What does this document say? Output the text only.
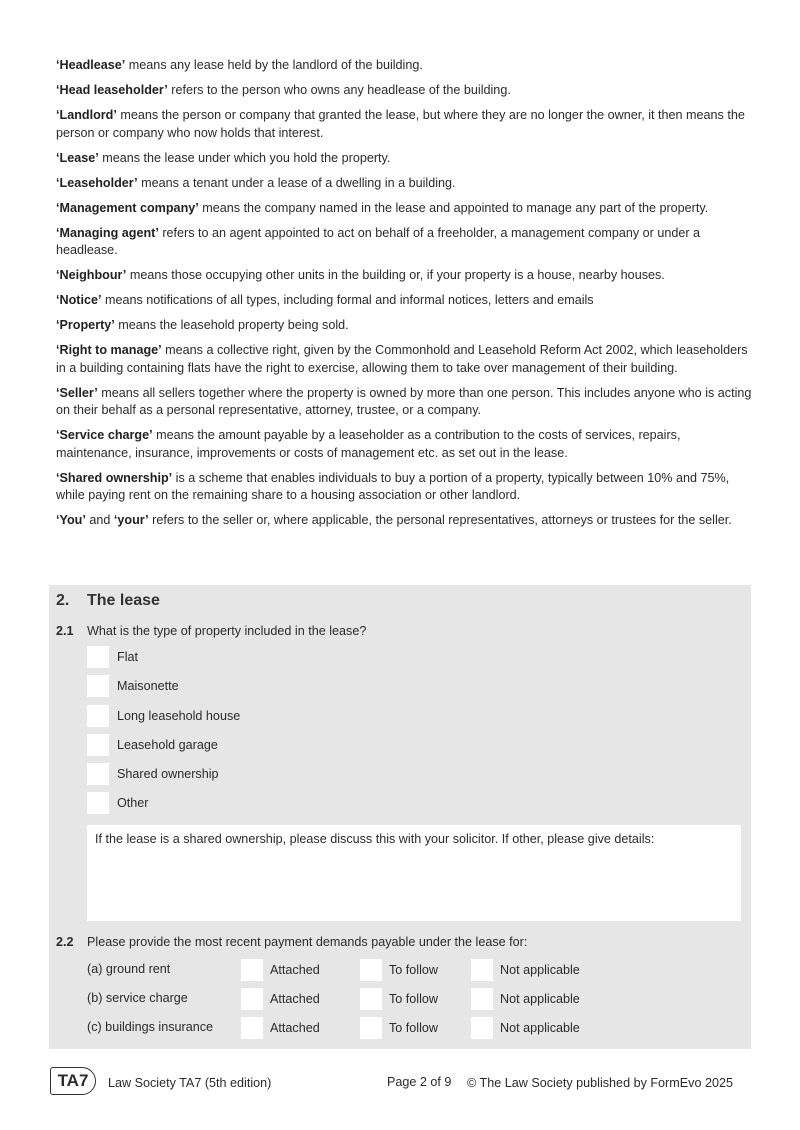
‘Headlease’ means any lease held by the landlord of the building.

‘Head leaseholder’ refers to the person who owns any headlease of the building.

‘Landlord’ means the person or company that granted the lease, but where they are no longer the owner, it then means the person or company who now holds that interest.

‘Lease’ means the lease under which you hold the property.

‘Leaseholder’ means a tenant under a lease of a dwelling in a building.

‘Management company’ means the company named in the lease and appointed to manage any part of the property.

‘Managing agent’ refers to an agent appointed to act on behalf of a freeholder, a management company or under a headlease.

‘Neighbour’ means those occupying other units in the building or, if your property is a house, nearby houses.

‘Notice’ means notifications of all types, including formal and informal notices, letters and emails

‘Property’ means the leasehold property being sold.

‘Right to manage’ means a collective right, given by the Commonhold and Leasehold Reform Act 2002, which leaseholders in a building containing flats have the right to exercise, allowing them to take over management of their building.

‘Seller’ means all sellers together where the property is owned by more than one person. This includes anyone who is acting on their behalf as a personal representative, attorney, trustee, or a company.

‘Service charge’ means the amount payable by a leaseholder as a contribution to the costs of services, repairs, maintenance, insurance, improvements or costs of management etc. as set out in the lease.

‘Shared ownership’ is a scheme that enables individuals to buy a portion of a property, typically between 10% and 75%, while paying rent on the remaining share to a housing association or other landlord.

‘You’ and ‘your’ refers to the seller or, where applicable, the personal representatives, attorneys or trustees for the seller.

2. The lease
2.1 What is the type of property included in the lease?
Flat
Maisonette
Long leasehold house
Leasehold garage
Shared ownership
Other
If the lease is a shared ownership, please discuss this with your solicitor. If other, please give details:
2.2 Please provide the most recent payment demands payable under the lease for:
(a) ground rent	Attached	To follow	Not applicable
(b) service charge	Attached	To follow	Not applicable
(c) buildings insurance	Attached	To follow	Not applicable
TA7	Law Society TA7 (5th edition)	Page 2 of 9 © The Law Society published by FormEvo 2025
